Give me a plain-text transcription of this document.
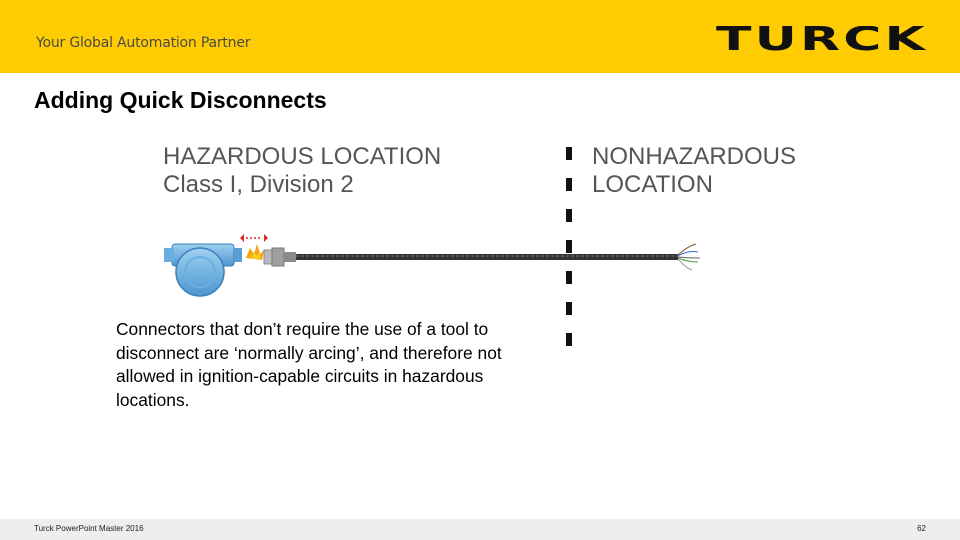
Your Global Automation Partner	TURCK
Adding Quick Disconnects
HAZARDOUS LOCATION
Class I, Division 2
NONHAZARDOUS
LOCATION
Connectors that don’t require the use of a tool to disconnect are ‘normally arcing’, and therefore not allowed in ignition-capable circuits in hazardous locations.
Turck PowerPoint Master 2016	62
